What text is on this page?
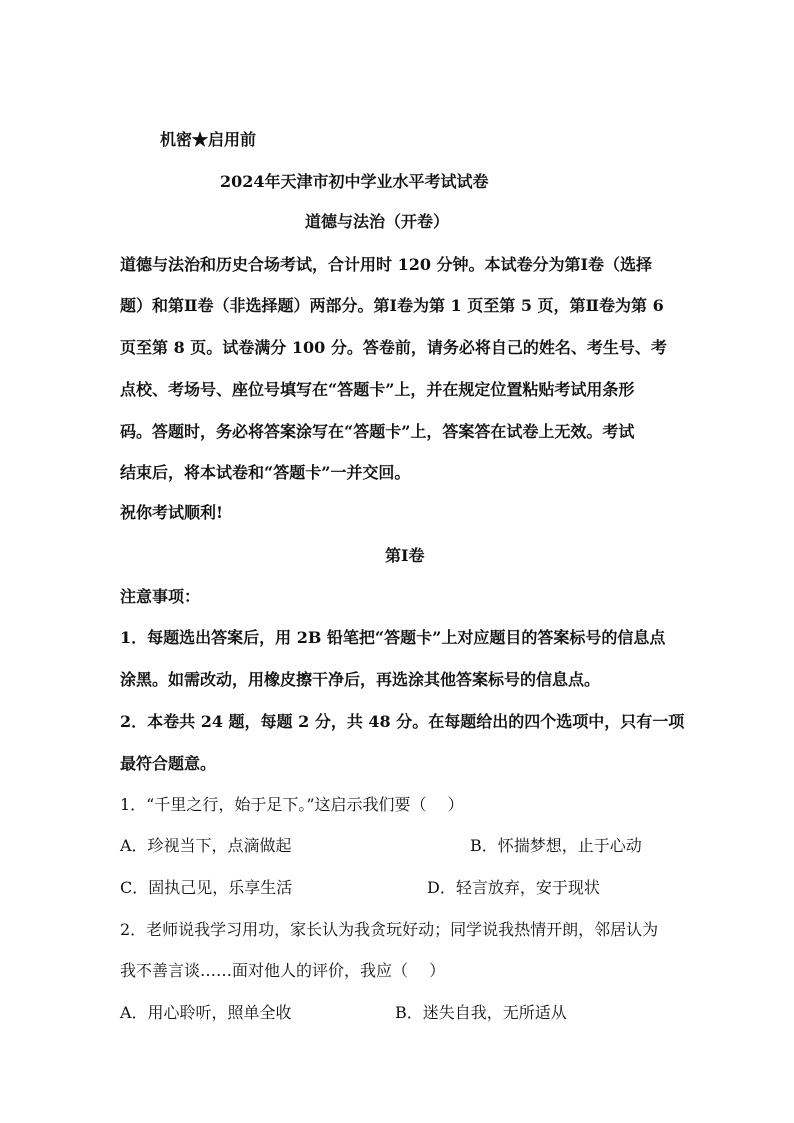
机密★启用前
2024年天津市初中学业水平考试试卷
道德与法治（开卷）
道德与法治和历史合场考试，合计用时 120 分钟。本试卷分为第Ⅰ卷（选择
题）和第Ⅱ卷（非选择题）两部分。第Ⅰ卷为第 1 页至第 5 页，第Ⅱ卷为第 6
页至第 8 页。试卷满分 100 分。答卷前，请务必将自己的姓名、考生号、考
点校、考场号、座位号填写在“答题卡”上，并在规定位置粘贴考试用条形
码。答题时，务必将答案涂写在“答题卡”上，答案答在试卷上无效。考试
结束后，将本试卷和“答题卡”一并交回。
祝你考试顺利!
第Ⅰ卷
注意事项：
1．每题选出答案后，用 2B 铅笔把“答题卡”上对应题目的答案标号的信息点
涂黑。如需改动，用橡皮擦干净后，再选涂其他答案标号的信息点。
2．本卷共 24 题，每题 2 分，共 48 分。在每题给出的四个选项中，只有一项
最符合题意。
1．“千里之行，始于足下。”这启示我们要（　 ）
A．珍视当下，点滴做起	B．怀揣梦想，止于心动
C．固执己见，乐享生活	D．轻言放弃，安于现状
2．老师说我学习用功，家长认为我贪玩好动；同学说我热情开朗，邻居认为
我不善言谈……面对他人的评价，我应（　 ）
A．用心聆听，照单全收	B．迷失自我，无所适从
